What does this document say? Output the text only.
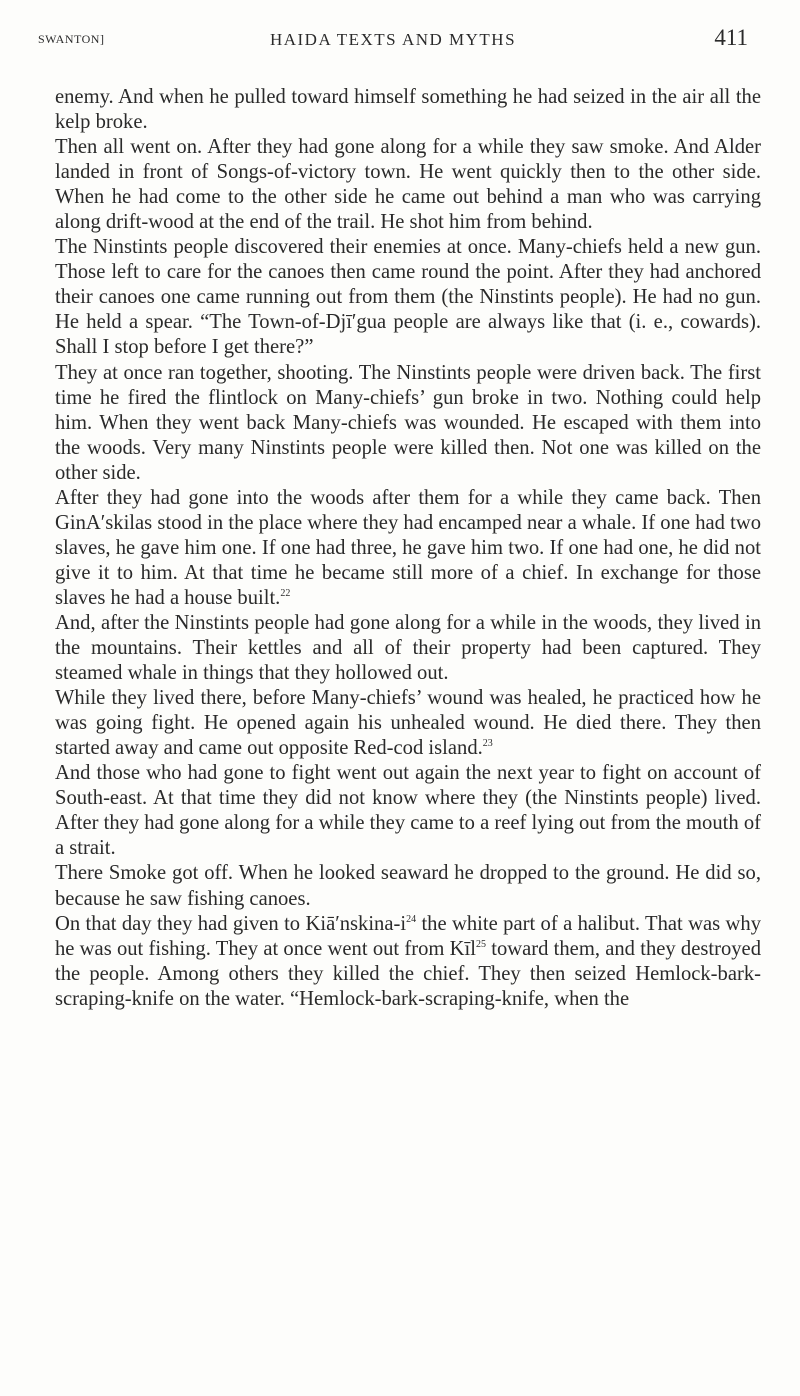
SWANTON]	HAIDA TEXTS AND MYTHS	411

enemy. And when he pulled toward himself something he had seized in the air all the kelp broke.

Then all went on. After they had gone along for a while they saw smoke. And Alder landed in front of Songs-of-victory town. He went quickly then to the other side. When he had come to the other side he came out behind a man who was carrying along drift-wood at the end of the trail. He shot him from behind.

The Ninstints people discovered their enemies at once. Many-chiefs held a new gun. Those left to care for the canoes then came round the point. After they had anchored their canoes one came running out from them (the Ninstints people). He had no gun. He held a spear. “The Town-of-Djī′gua people are always like that (i. e., cowards). Shall I stop before I get there?”

They at once ran together, shooting. The Ninstints people were driven back. The first time he fired the flintlock on Many-chiefs’ gun broke in two. Nothing could help him. When they went back Many-chiefs was wounded. He escaped with them into the woods. Very many Ninstints people were killed then. Not one was killed on the other side.

After they had gone into the woods after them for a while they came back. Then GinA′skilas stood in the place where they had encamped near a whale. If one had two slaves, he gave him one. If one had three, he gave him two. If one had one, he did not give it to him. At that time he became still more of a chief. In exchange for those slaves he had a house built.$^{22}$

And, after the Ninstints people had gone along for a while in the woods, they lived in the mountains. Their kettles and all of their property had been captured. They steamed whale in things that they hollowed out.

While they lived there, before Many-chiefs’ wound was healed, he practiced how he was going fight. He opened again his unhealed wound. He died there. They then started away and came out opposite Red-cod island.$^{23}$

And those who had gone to fight went out again the next year to fight on account of South-east. At that time they did not know where they (the Ninstints people) lived. After they had gone along for a while they came to a reef lying out from the mouth of a strait.

There Smoke got off. When he looked seaward he dropped to the ground. He did so, because he saw fishing canoes.

On that day they had given to $Kiā'nskina-i^{24}$ the white part of a halibut. That was why he was out fishing. They at once went out from Kīl$^{25}$ toward them, and they destroyed the people. Among others they killed the chief. They then seized Hemlock-bark-scraping-knife on the water. “Hemlock-bark-scraping-knife, when the
